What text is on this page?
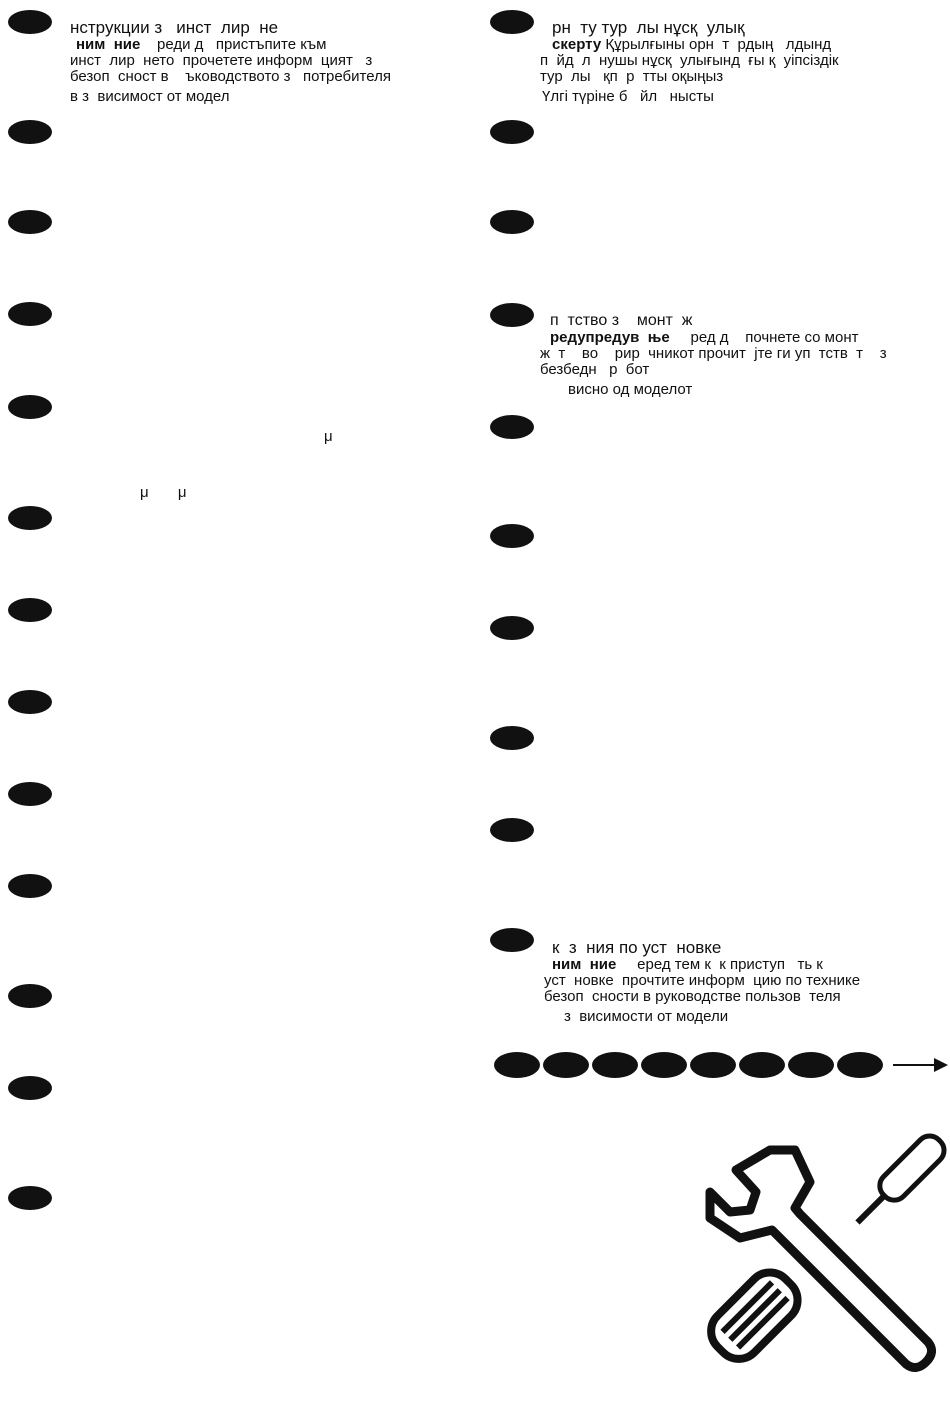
нструкции з   инст  лир  не
ним  ние    реди д   пристъпите към
инст  лир  нето  прочетете информ  цият   з
безоп  сност в    ъководството з   потребителя
в з  висимост от модел
μ
μ       μ
рн  ту тур  лы нұсқ  улық
скерту Құрылғыны орн  т  рдың   лдынд
п  йд  л  нушы нұсқ  улығынд  ғы қ  уіпсіздік
тур  лы   қп  р  тты оқыңыз
Үлгі түріне б   йл   нысты
п  тство з    монт  ж
редупредув  ње     ред д    почнете со монт
ж  т    во    рир  чникот прочит  јте ги уп  тств  т    з
безбедн   р  бот
висно од моделот
к  з  ния по уст  новке
ним  ние     еред тем к  к приступ   ть к
уст  новке  прочтите информ  цию по технике
безоп  сности в руководстве пользов  теля
з  висимости от модели
